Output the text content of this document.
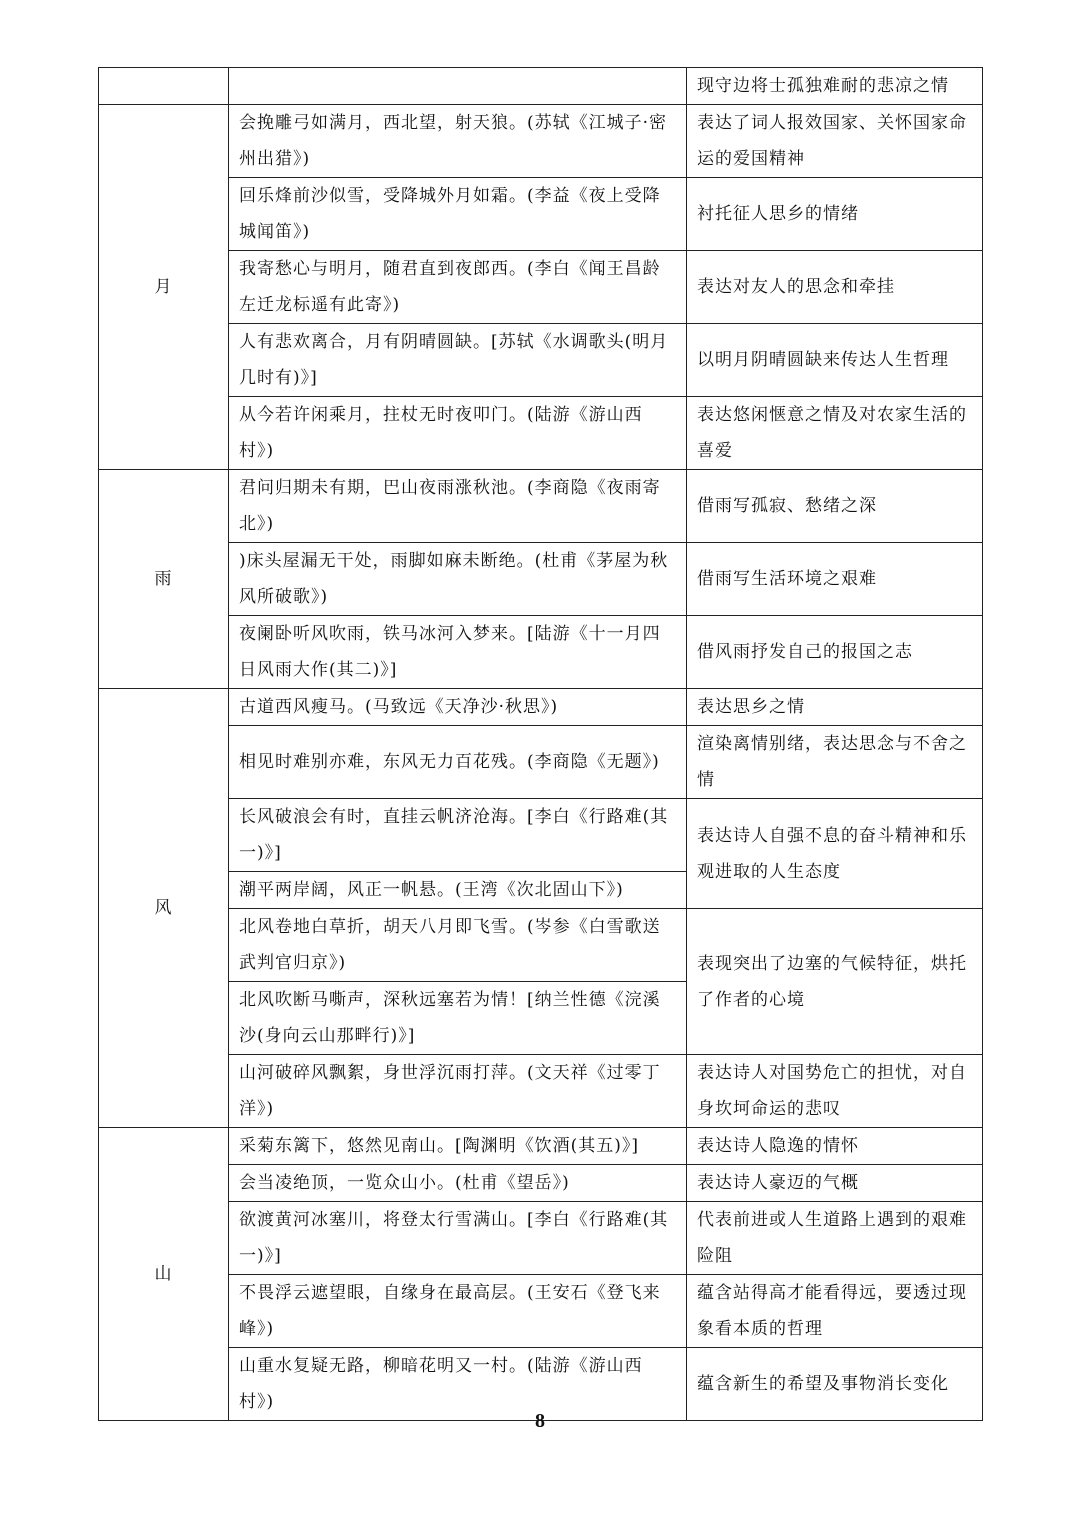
		现守边将士孤独难耐的悲凉之情
月	会挽雕弓如满月，西北望，射天狼。(苏轼《江城子·密州出猎》)	表达了词人报效国家、关怀国家命运的爱国精神
	回乐烽前沙似雪，受降城外月如霜。(李益《夜上受降城闻笛》)	衬托征人思乡的情绪
	我寄愁心与明月，随君直到夜郎西。(李白《闻王昌龄左迁龙标遥有此寄》)	表达对友人的思念和牵挂
	人有悲欢离合，月有阴晴圆缺。[苏轼《水调歌头(明月几时有)》]	以明月阴晴圆缺来传达人生哲理
	从今若许闲乘月，拄杖无时夜叩门。(陆游《游山西村》)	表达悠闲惬意之情及对农家生活的喜爱
雨	君问归期未有期，巴山夜雨涨秋池。(李商隐《夜雨寄北》)	借雨写孤寂、愁绪之深
	)床头屋漏无干处，雨脚如麻未断绝。(杜甫《茅屋为秋风所破歌》)	借雨写生活环境之艰难
	夜阑卧听风吹雨，铁马冰河入梦来。[陆游《十一月四日风雨大作(其二)》]	借风雨抒发自己的报国之志
风	古道西风瘦马。(马致远《天净沙·秋思》)	表达思乡之情
	相见时难别亦难，东风无力百花残。(李商隐《无题》)	渲染离情别绪，表达思念与不舍之情
	长风破浪会有时，直挂云帆济沧海。[李白《行路难(其一)》]	表达诗人自强不息的奋斗精神和乐观进取的人生态度
	潮平两岸阔，风正一帆悬。(王湾《次北固山下》)	
	北风卷地白草折，胡天八月即飞雪。(岑参《白雪歌送武判官归京》)	表现突出了边塞的气候特征，烘托了作者的心境
	北风吹断马嘶声，深秋远塞若为情！[纳兰性德《浣溪沙(身向云山那畔行)》]	
	山河破碎风飘絮，身世浮沉雨打萍。(文天祥《过零丁洋》)	表达诗人对国势危亡的担忧，对自身坎坷命运的悲叹
山	采菊东篱下，悠然见南山。[陶渊明《饮酒(其五)》]	表达诗人隐逸的情怀
	会当凌绝顶，一览众山小。(杜甫《望岳》)	表达诗人豪迈的气概
	欲渡黄河冰塞川，将登太行雪满山。[李白《行路难(其一)》]	代表前进或人生道路上遇到的艰难险阻
	不畏浮云遮望眼，自缘身在最高层。(王安石《登飞来峰》)	蕴含站得高才能看得远，要透过现象看本质的哲理
	山重水复疑无路，柳暗花明又一村。(陆游《游山西村》)	蕴含新生的希望及事物消长变化
8
